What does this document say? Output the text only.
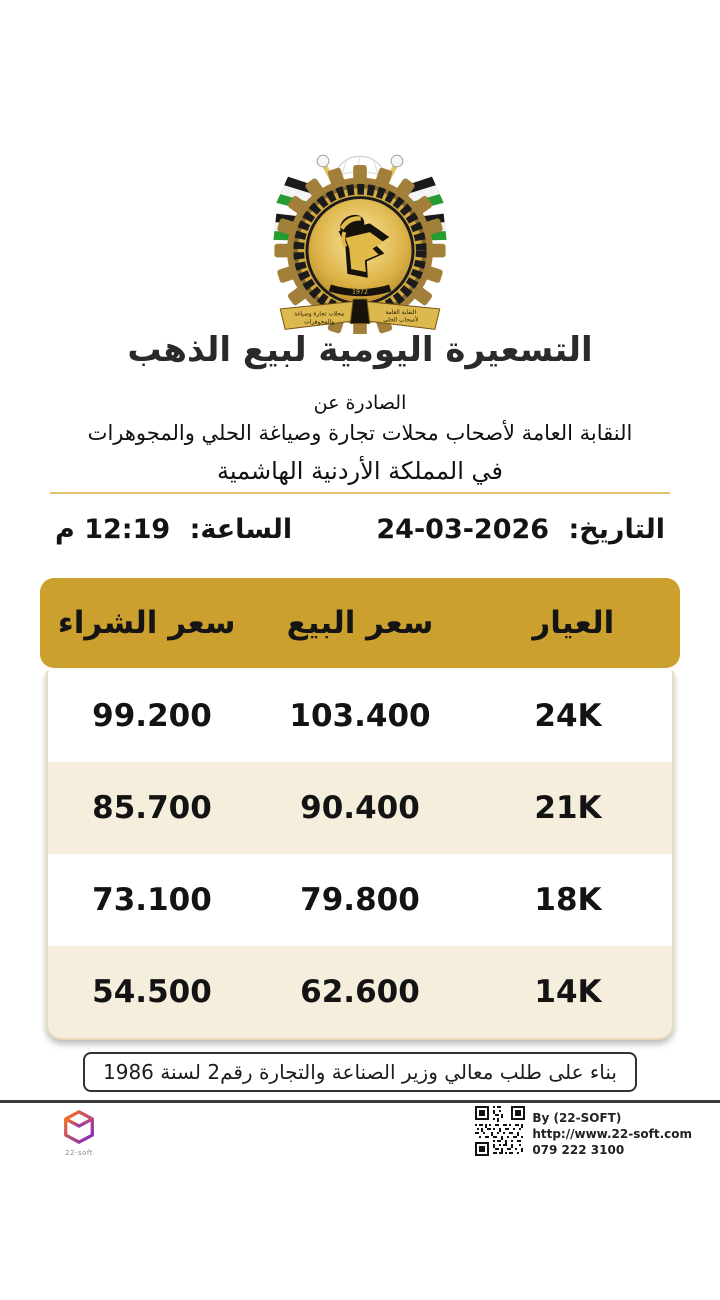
1972
النقابة العامة
لأصحاب الحلي
محلات تجارة وصياغة
والمجوهرات
التسعيرة اليومية لبيع الذهب
الصادرة عن
النقابة العامة لأصحاب محلات تجارة وصياغة الحلي والمجوهرات
في المملكة الأردنية الهاشمية
التاريخ: 24-03-2026
الساعة: 12:19 م
العيار
سعر البيع
سعر الشراء
24K
103.400
99.200
21K
90.400
85.700
18K
79.800
73.100
14K
62.600
54.500
بناء على طلب معالي وزير الصناعة والتجارة رقم2 لسنة 1986
22-soft
By (22-SOFT)
http://www.22-soft.com
079 222 3100
